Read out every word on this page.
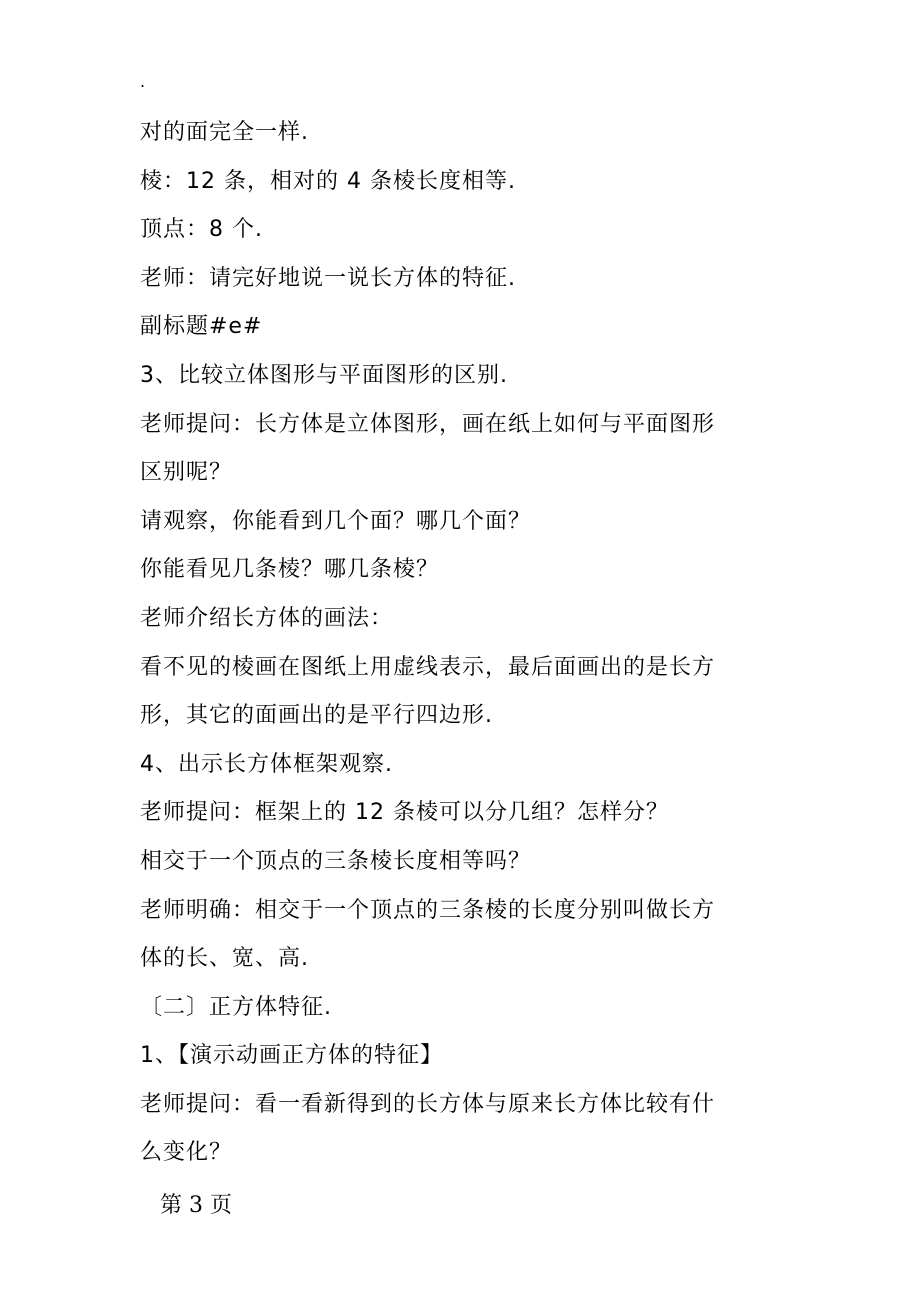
.
对的面完全一样.
棱：12 条，相对的 4 条棱长度相等.
顶点：8 个.
老师：请完好地说一说长方体的特征.
副标题#e#
3、比较立体图形与平面图形的区别.
老师提问：长方体是立体图形，画在纸上如何与平面图形
区别呢？
请观察，你能看到几个面？哪几个面？
你能看见几条棱？哪几条棱？
老师介绍长方体的画法：
看不见的棱画在图纸上用虚线表示，最后面画出的是长方
形，其它的面画出的是平行四边形.
4、出示长方体框架观察.
老师提问：框架上的 12 条棱可以分几组？怎样分？
相交于一个顶点的三条棱长度相等吗？
老师明确：相交于一个顶点的三条棱的长度分别叫做长方
体的长、宽、高.
〔二〕正方体特征.
1、【演示动画正方体的特征】
老师提问：看一看新得到的长方体与原来长方体比较有什
么变化？
第 3 页
